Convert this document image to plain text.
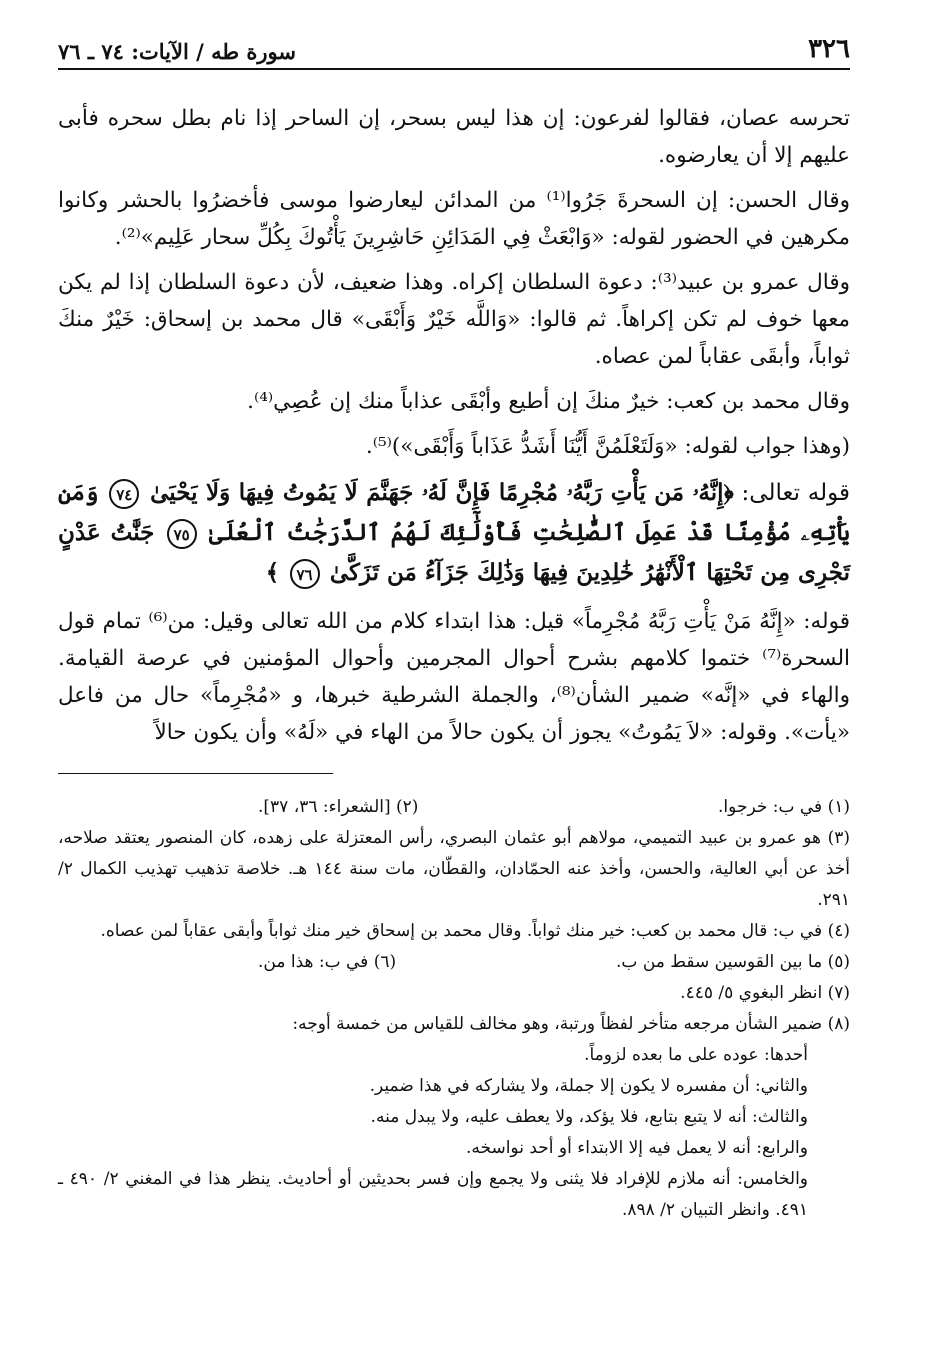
٣٢٦
سورة طه / الآيات: ٧٤ ـ ٧٦

تحرسه عصان، فقالوا لفرعون: إن هذا ليس بسحر، إن الساحر إذا نام بطل سحره فأبى عليهم إلا أن يعارضوه.

وقال الحسن: إن السحرةَ جَرُوا⁽¹⁾ من المدائن ليعارضوا موسى فأخضرُوا بالحشر وكانوا مكرهين في الحضور لقوله: «وَابْعَثْ فِي المَدَائِنِ حَاشِرِينَ يَأْتُوكَ بِكُلِّ سحار عَلِيم»⁽²⁾.

وقال عمرو بن عبيد⁽³⁾: دعوة السلطان إكراه. وهذا ضعيف، لأن دعوة السلطان إذا لم يكن معها خوف لم تكن إكراهاً. ثم قالوا: «وَاللَّه خَيْرٌ وَأَبْقَى» قال محمد بن إسحاق: خَيْرٌ منكَ ثواباً، وأبقَى عقاباً لمن عصاه.

وقال محمد بن كعب: خيرٌ منكَ إن أطيع وأبْقَى عذاباً منك إن عُصِي⁽⁴⁾.

(وهذا جواب لقوله: «وَلَتَعْلَمُنَّ أَيُّنَا أَشَدُّ عَذَاباً وَأَبْقَى»)⁽⁵⁾.

قوله تعالى: ﴿إِنَّهُۥ مَن يَأْتِ رَبَّهُۥ مُجْرِمًا فَإِنَّ لَهُۥ جَهَنَّمَ لَا يَمُوتُ فِيهَا وَلَا يَحْيَىٰ ٧٤ وَمَن يَأْتِهِۦ مُؤْمِنًا قَدْ عَمِلَ ٱلصَّٰلِحَٰتِ فَأُوْلَٰٓئِكَ لَهُمُ ٱلدَّرَجَٰتُ ٱلْعُلَىٰ ٧٥ جَنَّٰتُ عَدْنٍ تَجْرِى مِن تَحْتِهَا ٱلْأَنْهَٰرُ خَٰلِدِينَ فِيهَا وَذَٰلِكَ جَزَآءُ مَن تَزَكَّىٰ ٧٦ ﴾

قوله: «إِنَّهُ مَنْ يَأْتِ رَبَّهُ مُجْرِماً» قيل: هذا ابتداء كلام من الله تعالى وقيل: من⁽⁶⁾ تمام قول السحرة⁽⁷⁾ ختموا كلامهم بشرح أحوال المجرمين وأحوال المؤمنين في عرصة القيامة. والهاء في «إنَّه» ضمير الشأن⁽⁸⁾، والجملة الشرطية خبرها، و «مُجْرِماً» حال من فاعل «يأت». وقوله: «لاَ يَمُوتُ» يجوز أن يكون حالاً من الهاء في «لَهُ» وأن يكون حالاً

(١) في ب: خرجوا.

(٢) [الشعراء: ٣٦، ٣٧].

(٣) هو عمرو بن عبيد التميمي، مولاهم أبو عثمان البصري، رأس المعتزلة على زهده، كان المنصور يعتقد صلاحه، أخذ عن أبي العالية، والحسن، وأخذ عنه الحمّادان، والقطّان، مات سنة ١٤٤ هـ. خلاصة تذهيب تهذيب الكمال ٢/ ٢٩١.

(٤) في ب: قال محمد بن كعب: خير منك ثواباً. وقال محمد بن إسحاق خير منك ثواباً وأبقى عقاباً لمن عصاه.

(٥) ما بين القوسين سقط من ب.

(٦) في ب: هذا من.

(٧) انظر البغوي ٥/ ٤٤٥.

(٨) ضمير الشأن مرجعه متأخر لفظاً ورتبة، وهو مخالف للقياس من خمسة أوجه:

أحدها: عوده على ما بعده لزوماً.

والثاني: أن مفسره لا يكون إلا جملة، ولا يشاركه في هذا ضمير.

والثالث: أنه لا يتبع بتابع، فلا يؤكد، ولا يعطف عليه، ولا يبدل منه.

والرابع: أنه لا يعمل فيه إلا الابتداء أو أحد نواسخه.

والخامس: أنه ملازم للإفراد فلا يثنى ولا يجمع وإن فسر بحديثين أو أحاديث. ينظر هذا في المغني ٢/ ٤٩٠ ـ ٤٩١. وانظر التبيان ٢/ ٨٩٨.
